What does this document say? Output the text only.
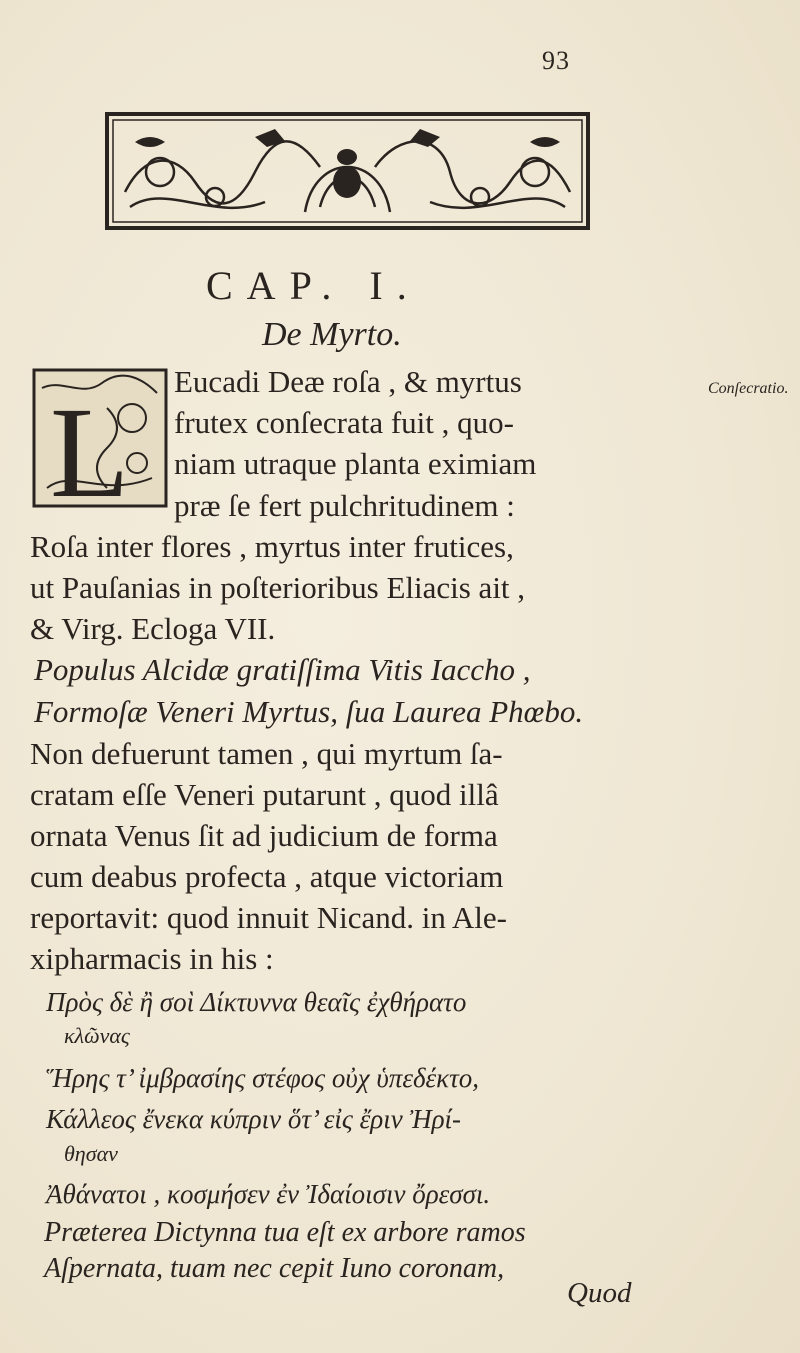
93
CAP. I.
De Myrto.
L	Conſecratio.
Eucadi Deæ roſa , & myrtus
frutex conſecrata fuit , quo-
niam utraque planta eximiam
præ ſe fert pulchritudinem :
Roſa inter flores , myrtus inter frutices,
ut Pauſanias in poſterioribus Eliacis ait ,
& Virg. Ecloga VII.
Populus Alcidæ gratiſſima Vitis Iaccho ,
Formoſæ Veneri Myrtus, ſua Laurea Phœbo.
Non defuerunt tamen , qui myrtum ſa-
cratam eſſe Veneri putarunt , quod illâ
ornata Venus ſit ad judicium de forma
cum deabus profecta , atque victoriam
reportavit: quod innuit Nicand. in Ale-
xipharmacis in his :
Πρὸς δὲ ἢ σοὶ Δίκτυννα θεαῖς ἐχθήρατο
κλῶνας
Ἥρης τ’ ἰμβρασίης στέφος οὐχ ὑπεδέκτο,
Κάλλεος ἔνεκα κύπριν ὅτ’ εἰς ἔριν Ἠρί-
θησαν
Ἀθάνατοι , κοσμήσεν ἐν Ἰδαίοισιν ὄρεσσι.
Præterea Dictynna tua eſt ex arbore ramos
Aſpernata, tuam nec cepit Iuno coronam,
Quod
